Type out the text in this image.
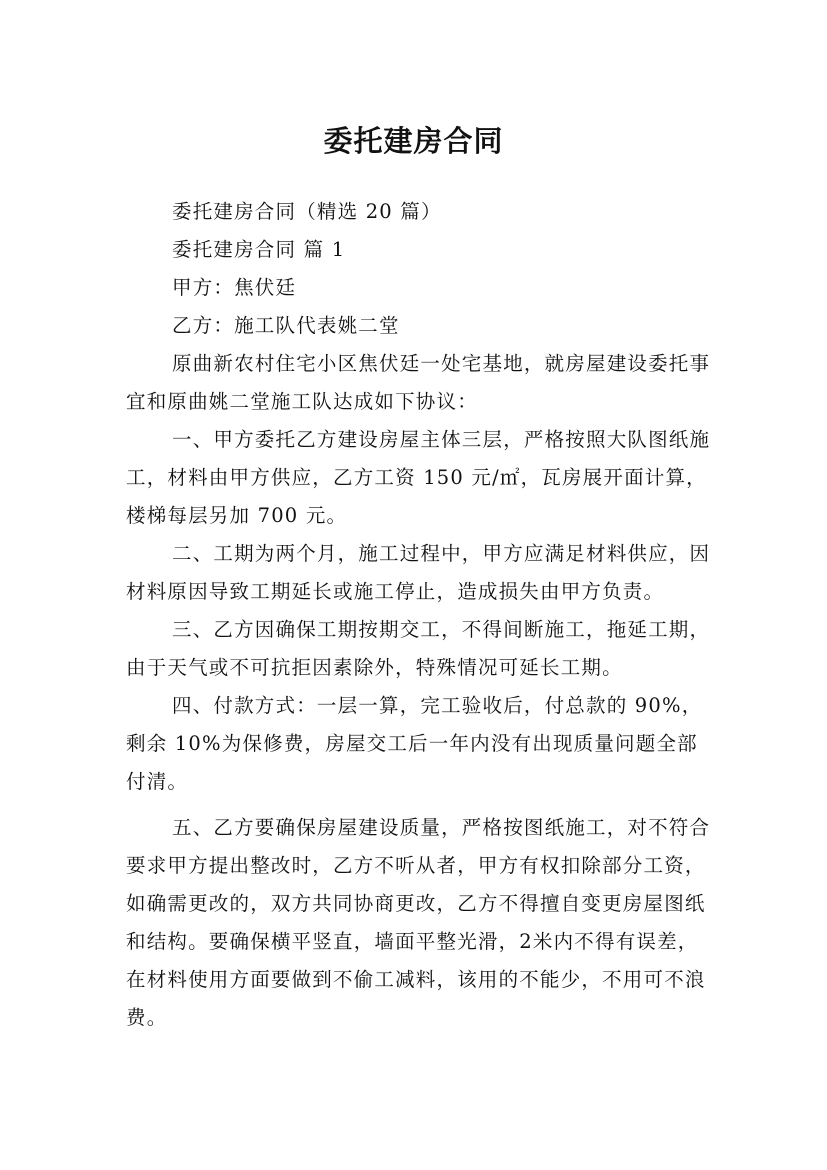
委托建房合同

委托建房合同（精选 20 篇）

委托建房合同 篇 1

甲方：焦伏廷

乙方：施工队代表姚二堂

原曲新农村住宅小区焦伏廷一处宅基地，就房屋建设委托事宜和原曲姚二堂施工队达成如下协议：

一、甲方委托乙方建设房屋主体三层，严格按照大队图纸施工，材料由甲方供应，乙方工资 150 元/㎡，瓦房展开面计算，楼梯每层另加 700 元。

二、工期为两个月，施工过程中，甲方应满足材料供应，因材料原因导致工期延长或施工停止，造成损失由甲方负责。

三、乙方因确保工期按期交工，不得间断施工，拖延工期，由于天气或不可抗拒因素除外，特殊情况可延长工期。

四、付款方式：一层一算，完工验收后，付总款的 90%，剩余 10%为保修费，房屋交工后一年内没有出现质量问题全部付清。

五、乙方要确保房屋建设质量，严格按图纸施工，对不符合要求甲方提出整改时，乙方不听从者，甲方有权扣除部分工资，如确需更改的，双方共同协商更改，乙方不得擅自变更房屋图纸和结构。要确保横平竖直，墙面平整光滑，2米内不得有误差，在材料使用方面要做到不偷工减料，该用的不能少，不用可不浪费。
